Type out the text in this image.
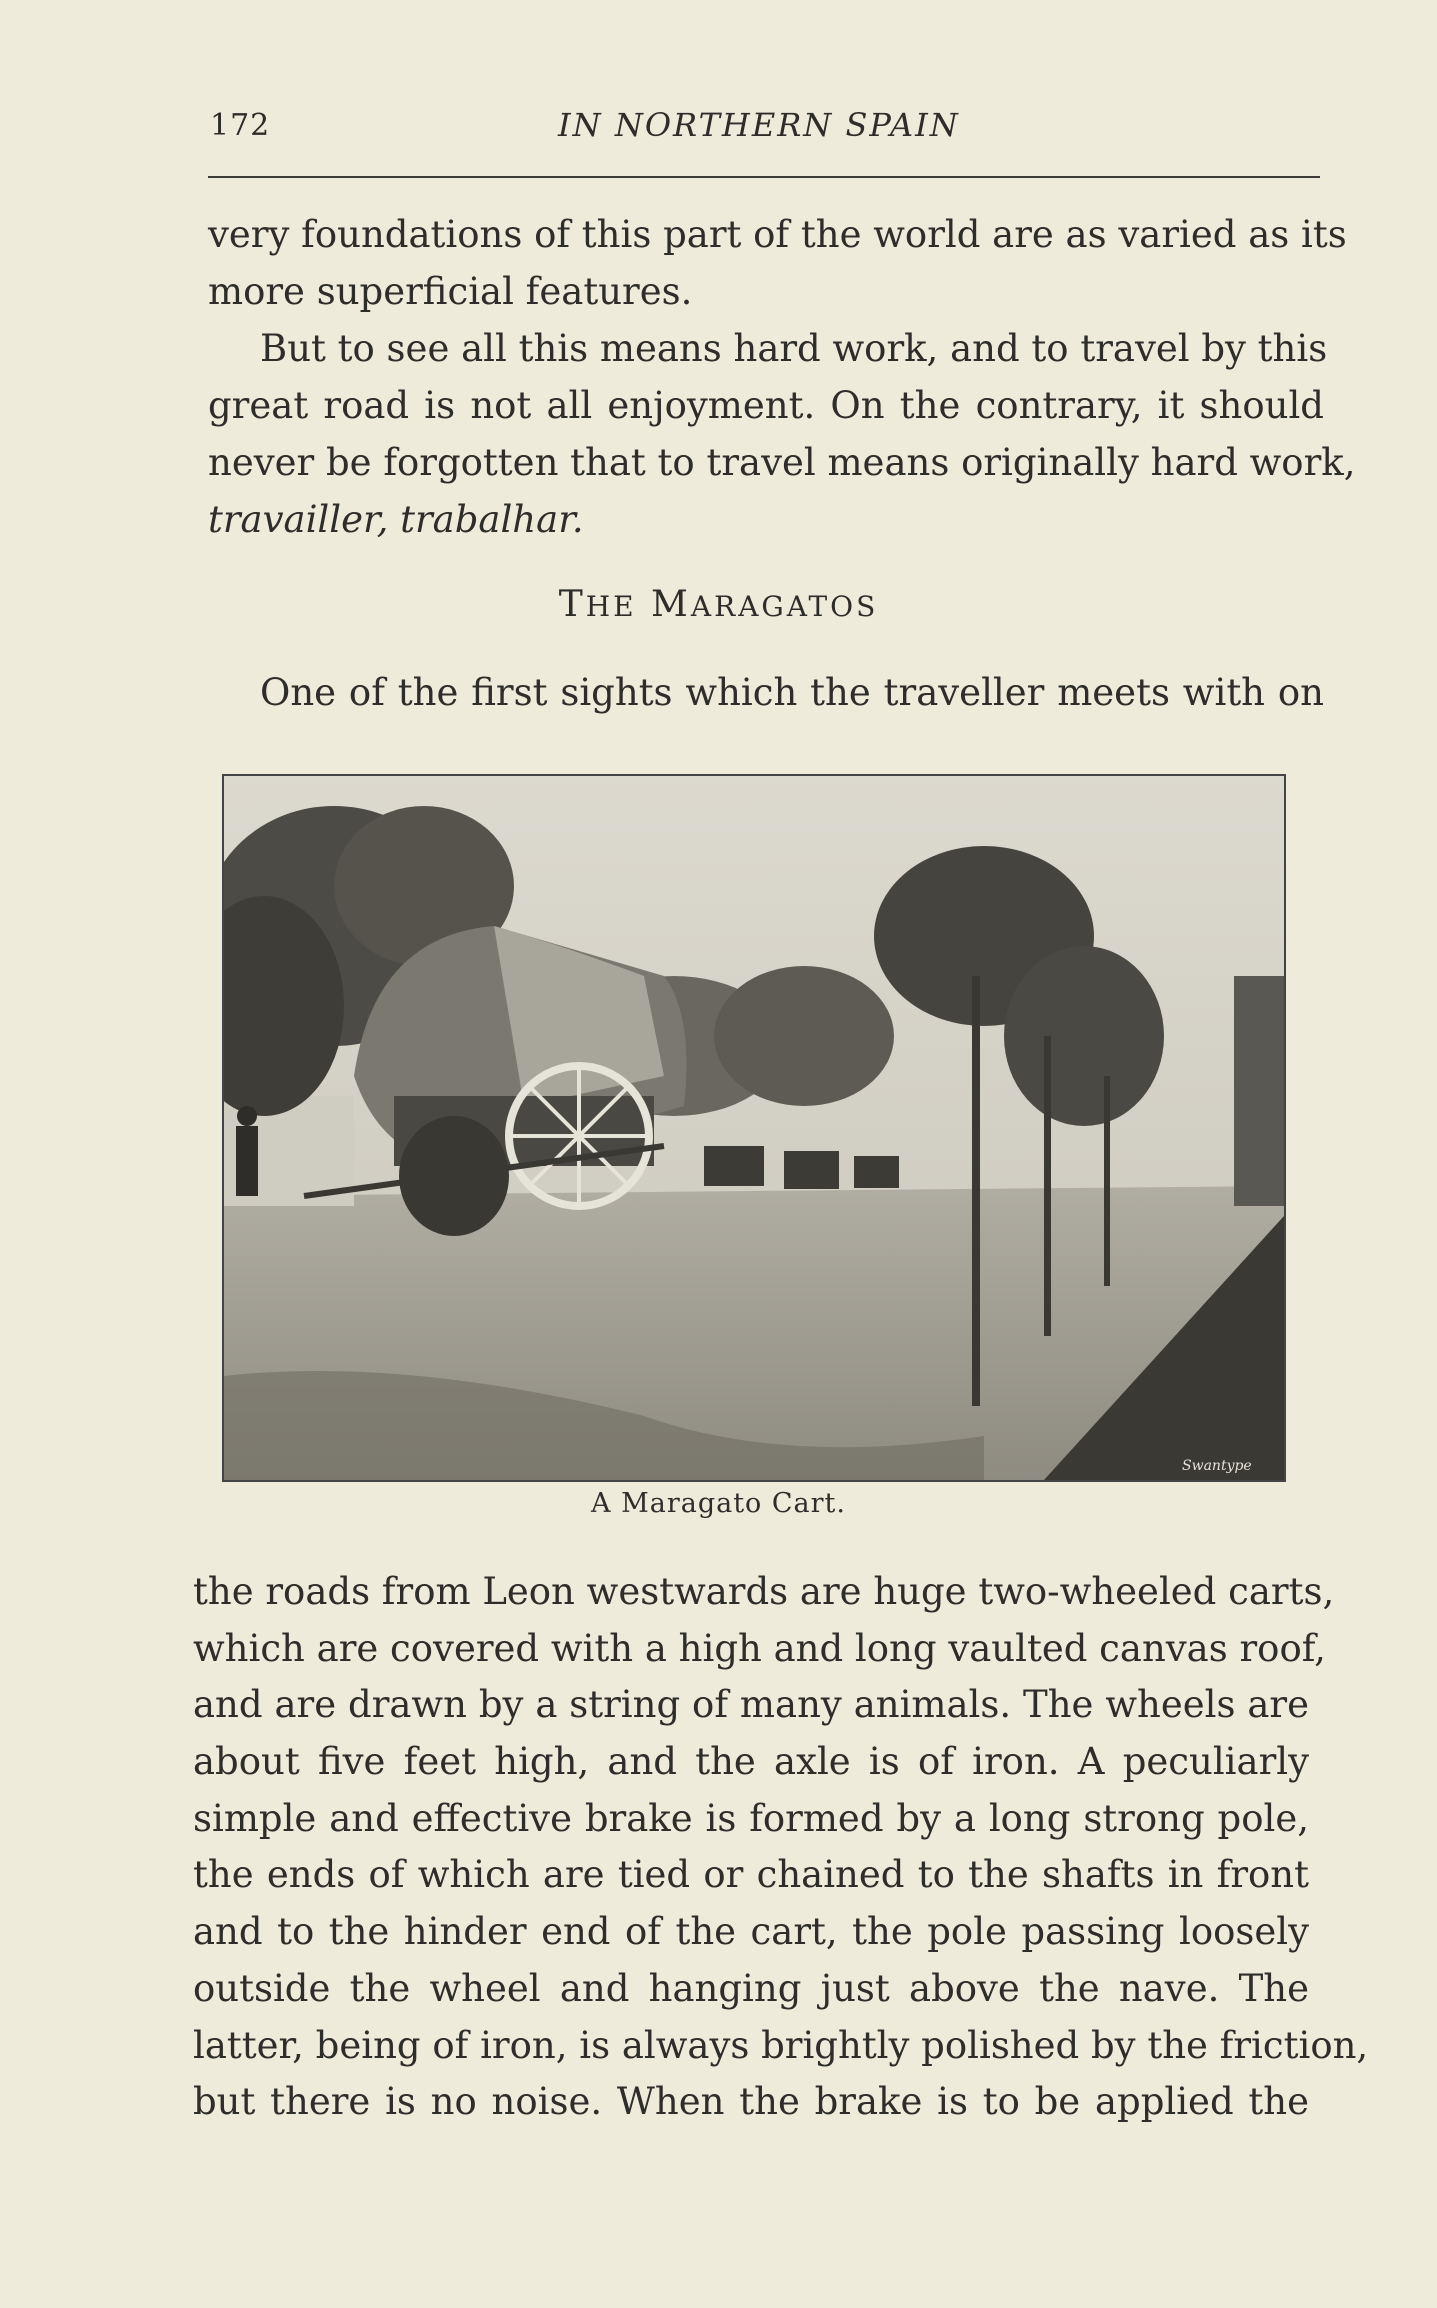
172	IN NORTHERN SPAIN
very foundations of this part of the world are as varied as its
more superficial features.
But to see all this means hard work, and to travel by this
great road is not all enjoyment. On the contrary, it should
never be forgotten that to travel means originally hard work,
travailler, trabalhar.
THE MARAGATOS
One of the first sights which the traveller meets with on
Swantype
A Maragato Cart.
the roads from Leon westwards are huge two-wheeled carts,
which are covered with a high and long vaulted canvas roof,
and are drawn by a string of many animals. The wheels are
about five feet high, and the axle is of iron. A peculiarly
simple and effective brake is formed by a long strong pole,
the ends of which are tied or chained to the shafts in front
and to the hinder end of the cart, the pole passing loosely
outside the wheel and hanging just above the nave. The
latter, being of iron, is always brightly polished by the friction,
but there is no noise. When the brake is to be applied the
